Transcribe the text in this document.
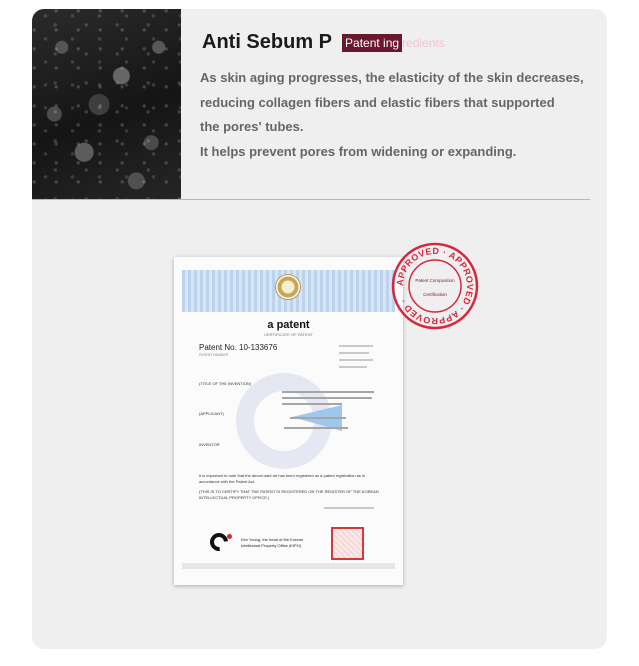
Anti Sebum P Patent ing redients
As skin aging progresses, the elasticity of the skin decreases,
reducing collagen fibers and elastic fibers that supported
the pores' tubes.
It helps prevent pores from widening or expanding.
a patent
CERTIFICATE OF PATENT
Patent No. 10-133676
PATENT NUMBER
(TITLE OF THE INVENTION)
(APPLICANT)
INVENTOR
It is important to note that the above-said art has been registered as a patent registration as in accordance with the Patent Act.
(THIS IS TO CERTIFY THAT THE PATENT IS REGISTERED ON THE REGISTER OF THE KOREAN INTELLECTUAL PROPERTY OFFICE.)
Kim Young, the head of the Korean Intellectual Property Office (KIPO)
APPROVED · APPROVED · APPROVED ·
Patent Composition
Certification
